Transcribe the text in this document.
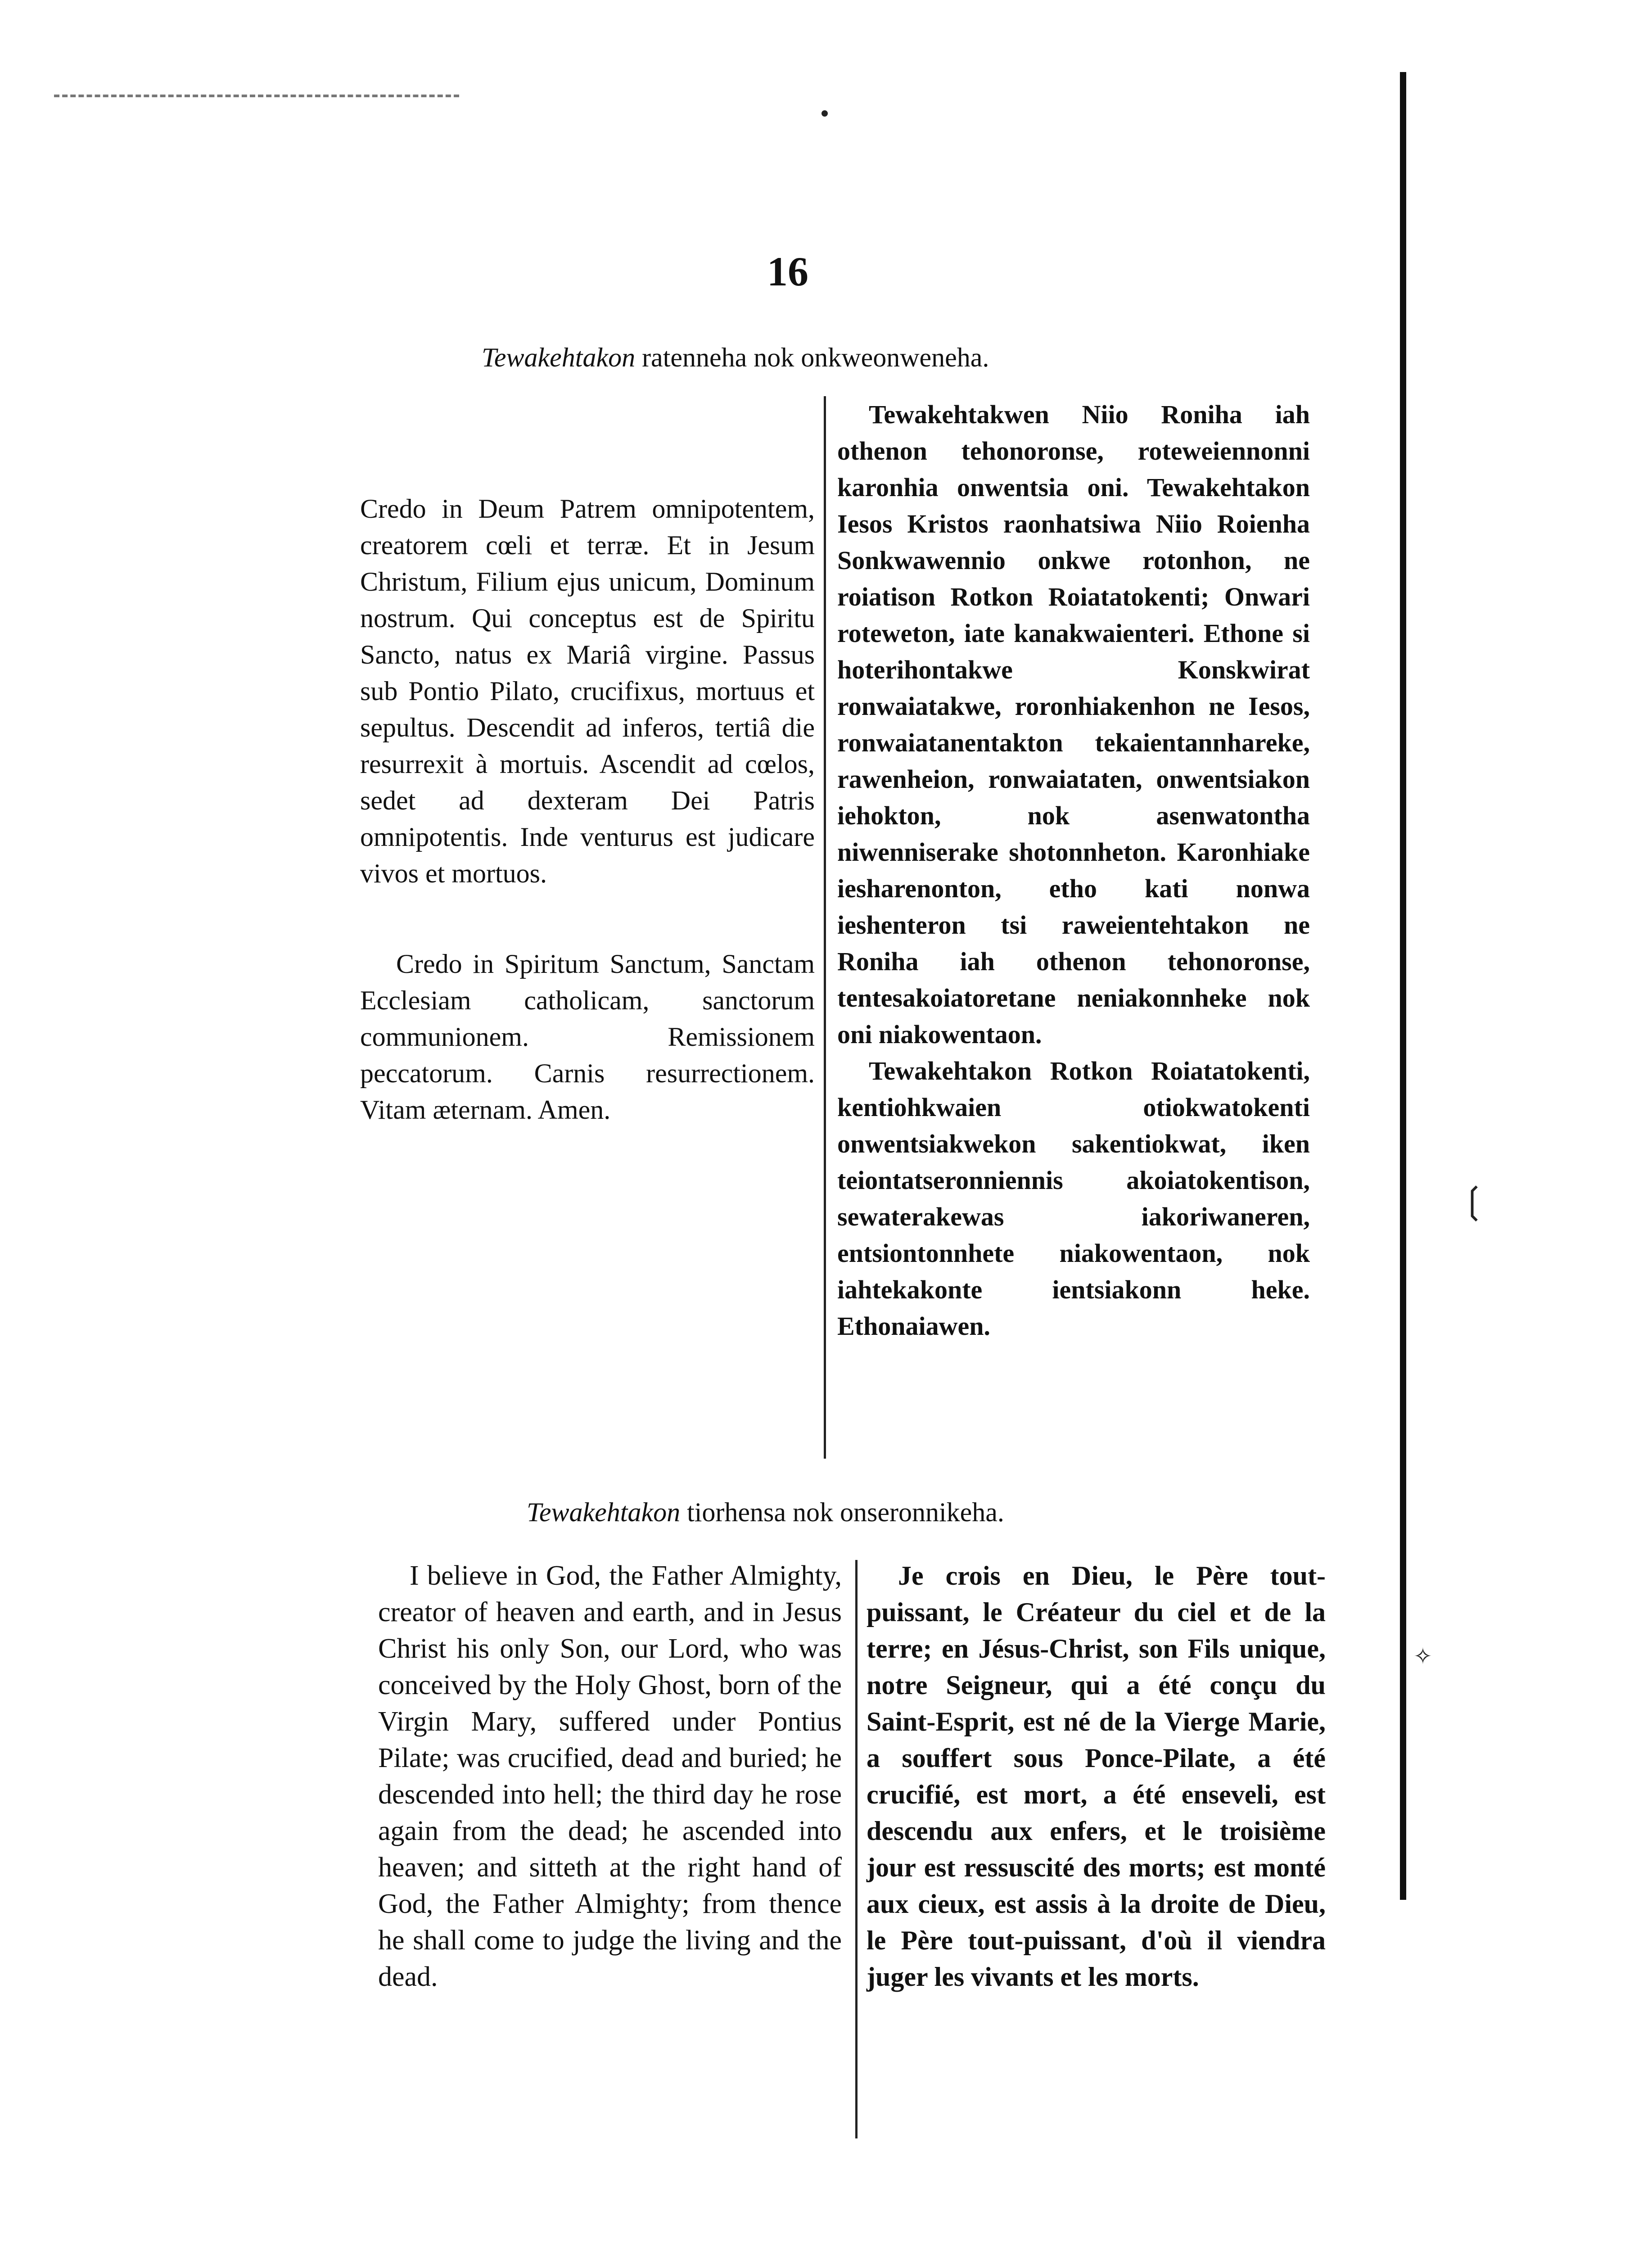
16
Tewakehtakon ratenneha nok onkweonweneha.

Credo in Deum Patrem omnipotentem, creatorem cœli et terræ. Et in Jesum Christum, Filium ejus unicum, Dominum nostrum. Qui conceptus est de Spiritu Sancto, natus ex Mariâ virgine. Passus sub Pontio Pilato, crucifixus, mortuus et sepultus. Descendit ad inferos, tertiâ die resurrexit à mortuis. Ascendit ad cœlos, sedet ad dexteram Dei Patris omnipotentis. Inde venturus est judicare vivos et mortuos.

Credo in Spiritum Sanctum, Sanctam Ecclesiam catholicam, sanctorum communionem. Remissionem peccatorum. Carnis resurrectionem. Vitam æternam. Amen.

Tewakehtakwen Niio Roniha iah othenon tehonoronse, roteweiennonni karonhia onwentsia oni. Tewakehtakon Iesos Kristos raonhatsiwa Niio Roienha Sonkwawennio onkwe rotonhon, ne roiatison Rotkon Roiatatokenti; Onwari roteweton, iate kanakwaienteri. Ethone si hoterihontakwe Konskwirat ronwaiatakwe, roronhiakenhon ne Iesos, ronwaiatanentakton tekaientannhareke, rawenheion, ronwaiataten, onwentsiakon iehokton, nok asenwatontha niwenniserake shotonnheton. Karonhiake iesharenonton, etho kati nonwa ieshenteron tsi raweientehtakon ne Roniha iah othenon tehonoronse, tentesakoiatoretane neniakonnheke nok oni niakowentaon.

Tewakehtakon Rotkon Roiatatokenti, kentiohkwaien otiokwatokenti onwentsiakwekon sakentiokwat, iken teiontatseronniennis akoiatokentison, sewaterakewas iakoriwaneren, entsiontonnhete niakowentaon, nok iahtekakonte ientsiakonn heke. Ethonaiawen.

❲
✧
Tewakehtakon tiorhensa nok onseronnikeha.

I believe in God, the Father Almighty, creator of heaven and earth, and in Jesus Christ his only Son, our Lord, who was conceived by the Holy Ghost, born of the Virgin Mary, suffered under Pontius Pilate; was crucified, dead and buried; he descended into hell; the third day he rose again from the dead; he ascended into heaven; and sitteth at the right hand of God, the Father Almighty; from thence he shall come to judge the living and the dead.

Je crois en Dieu, le Père tout-puissant, le Créateur du ciel et de la terre; en Jésus-Christ, son Fils unique, notre Seigneur, qui a été conçu du Saint-Esprit, est né de la Vierge Marie, a souffert sous Ponce-Pilate, a été crucifié, est mort, a été enseveli, est descendu aux enfers, et le troisième jour est ressuscité des morts; est monté aux cieux, est assis à la droite de Dieu, le Père tout-puissant, d'où il viendra juger les vivants et les morts.
